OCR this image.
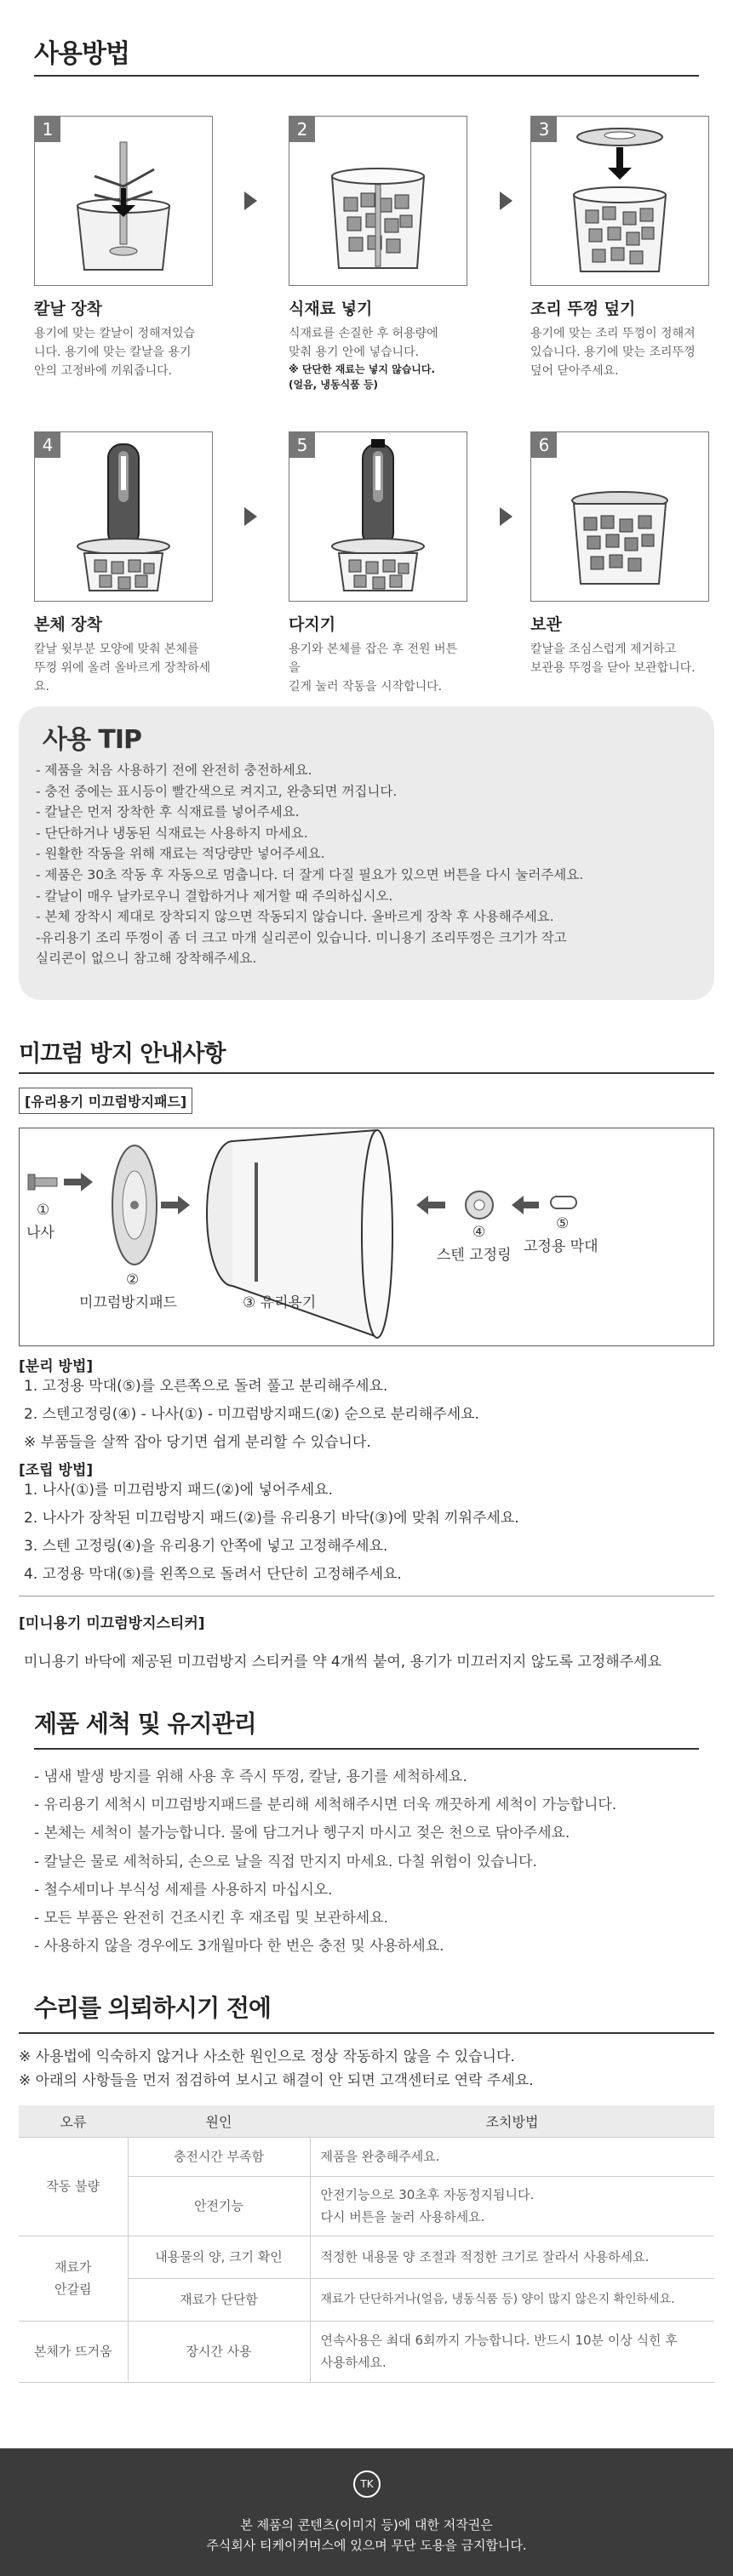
사용방법
1
칼날 장착
용기에 맞는 칼날이 정해져있습
니다. 용기에 맞는 칼날을 용기
안의 고정바에 끼워줍니다.
2
식재료 넣기
식재료를 손질한 후 허용량에
맞춰 용기 안에 넣습니다.
※ 단단한 재료는 넣지 않습니다.
(얼음, 냉동식품 등)
3
조리 뚜껑 덮기
용기에 맞는 조리 뚜껑이 정해져
있습니다. 용기에 맞는 조리뚜껑
덮어 닫아주세요.
4
본체 장착
칼날 윗부분 모양에 맞춰 본체를
뚜껑 위에 올려 올바르게 장착하세요.
5
다지기
용기와 본체를 잡은 후 전원 버튼을
길게 눌러 작동을 시작합니다.
6
보관
칼날을 조심스럽게 제거하고
보관용 뚜껑을 닫아 보관합니다.
사용 TIP
- 제품을 처음 사용하기 전에 완전히 충전하세요.
- 충전 중에는 표시등이 빨간색으로 켜지고, 완충되면 꺼집니다.
- 칼날은 먼저 장착한 후 식재료를 넣어주세요.
- 단단하거나 냉동된 식재료는 사용하지 마세요.
- 원활한 작동을 위해 재료는 적당량만 넣어주세요.
- 제품은 30초 작동 후 자동으로 멈춥니다. 더 잘게 다질 필요가 있으면 버튼을 다시 눌러주세요.
- 칼날이 매우 날카로우니 결합하거나 제거할 때 주의하십시오.
- 본체 장착시 제대로 장착되지 않으면 작동되지 않습니다. 올바르게 장착 후 사용해주세요.
-유리용기 조리 뚜껑이 좀 더 크고 마개 실리콘이 있습니다. 미니용기 조리뚜껑은 크기가 작고
실리콘이 없으니 참고해 장착해주세요.
미끄럼 방지 안내사항
[유리용기 미끄럼방지패드]
①
나사
②
미끄럼방지패드	③ 유리용기
④
스텐 고정링
⑤
고정용 막대
[분리 방법]
1. 고정용 막대(⑤)를 오른쪽으로 돌려 풀고 분리해주세요.
2. 스텐고정링(④) - 나사(①) - 미끄럼방지패드(②) 순으로 분리해주세요.
※ 부품들을 살짝 잡아 당기면 쉽게 분리할 수 있습니다.
[조립 방법]
1. 나사(①)를 미끄럼방지 패드(②)에 넣어주세요.
2. 나사가 장착된 미끄럼방지 패드(②)를 유리용기 바닥(③)에 맞춰 끼워주세요.
3. 스텐 고정링(④)을 유리용기 안쪽에 넣고 고정해주세요.
4. 고정용 막대(⑤)를 왼쪽으로 돌려서 단단히 고정해주세요.
[미니용기 미끄럼방지스티커]
미니용기 바닥에 제공된 미끄럼방지 스티커를 약 4개씩 붙여, 용기가 미끄러지지 않도록 고정해주세요
제품 세척 및 유지관리
- 냄새 발생 방지를 위해 사용 후 즉시 뚜껑, 칼날, 용기를 세척하세요.
- 유리용기 세척시 미끄럼방지패드를 분리해 세척해주시면 더욱 깨끗하게 세척이 가능합니다.
- 본체는 세척이 불가능합니다. 물에 담그거나 헹구지 마시고 젖은 천으로 닦아주세요.
- 칼날은 물로 세척하되, 손으로 날을 직접 만지지 마세요. 다칠 위험이 있습니다.
- 철수세미나 부식성 세제를 사용하지 마십시오.
- 모든 부품은 완전히 건조시킨 후 재조립 및 보관하세요.
- 사용하지 않을 경우에도 3개월마다 한 번은 충전 및 사용하세요.
수리를 의뢰하시기 전에
※ 사용법에 익숙하지 않거나 사소한 원인으로 정상 작동하지 않을 수 있습니다.
※ 아래의 사항들을 먼저 점검하여 보시고 해결이 안 되면 고객센터로 연락 주세요.
오류	원인	조치방법
작동 불량	충전시간 부족함	제품을 완충해주세요.
	안전기능	안전기능으로 30초후 자동정지됩니다.
다시 버튼을 눌러 사용하세요.
재료가
안갈림	내용물의 양, 크기 확인	적정한 내용물 양 조절과 적정한 크기로 잘라서 사용하세요.
	재료가 단단함	재료가 단단하거나(얼음, 냉동식품 등) 양이 많지 않은지 확인하세요.
본체가 뜨거움	장시간 사용	연속사용은 최대 6회까지 가능합니다. 반드시 10분 이상 식힌 후
사용하세요.
TK
본 제품의 콘텐츠(이미지 등)에 대한 저작권은
주식회사 티케이커머스에 있으며 무단 도용을 금지합니다.
